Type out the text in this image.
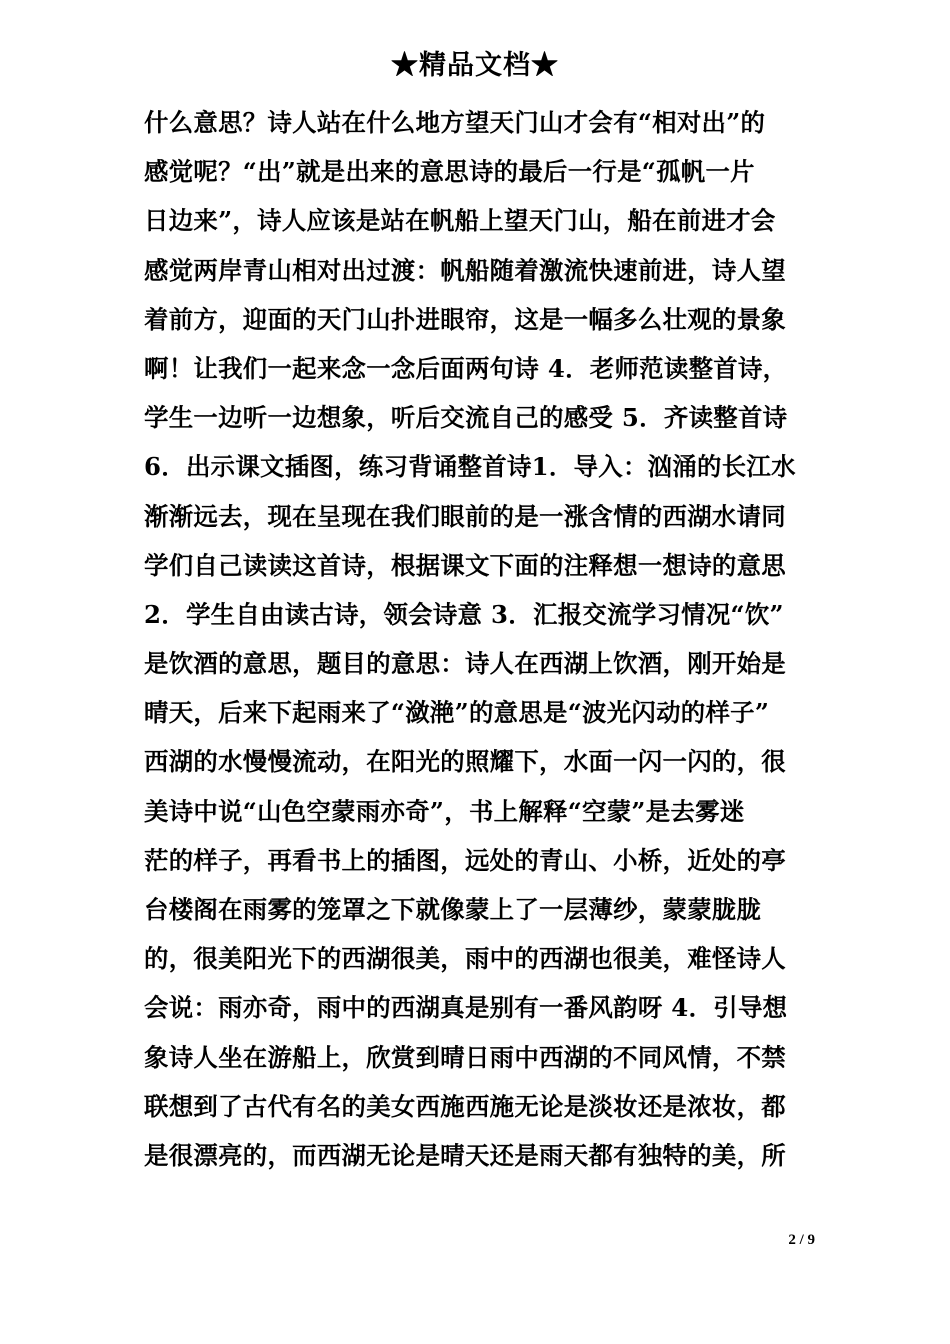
★精品文档★
什么意思？诗人站在什么地方望天门山才会有“相对出”的
感觉呢？“出”就是出来的意思诗的最后一行是“孤帆一片
日边来”，诗人应该是站在帆船上望天门山，船在前进才会
感觉两岸青山相对出过渡：帆船随着激流快速前进，诗人望
着前方，迎面的天门山扑进眼帘，这是一幅多么壮观的景象
啊！让我们一起来念一念后面两句诗 4．老师范读整首诗，
学生一边听一边想象，听后交流自己的感受 5．齐读整首诗
6．出示课文插图，练习背诵整首诗1．导入：汹涌的长江水
渐渐远去，现在呈现在我们眼前的是一涨含情的西湖水请同
学们自己读读这首诗，根据课文下面的注释想一想诗的意思
2．学生自由读古诗，领会诗意 3．汇报交流学习情况“饮”
是饮酒的意思，题目的意思：诗人在西湖上饮酒，刚开始是
晴天，后来下起雨来了“潋滟”的意思是“波光闪动的样子”
西湖的水慢慢流动，在阳光的照耀下，水面一闪一闪的，很
美诗中说“山色空蒙雨亦奇”，书上解释“空蒙”是去雾迷
茫的样子，再看书上的插图，远处的青山、小桥，近处的亭
台楼阁在雨雾的笼罩之下就像蒙上了一层薄纱，蒙蒙胧胧
的，很美阳光下的西湖很美，雨中的西湖也很美，难怪诗人
会说：雨亦奇，雨中的西湖真是别有一番风韵呀 4．引导想
象诗人坐在游船上，欣赏到晴日雨中西湖的不同风情，不禁
联想到了古代有名的美女西施西施无论是淡妆还是浓妆，都
是很漂亮的，而西湖无论是晴天还是雨天都有独特的美，所
2 / 9
